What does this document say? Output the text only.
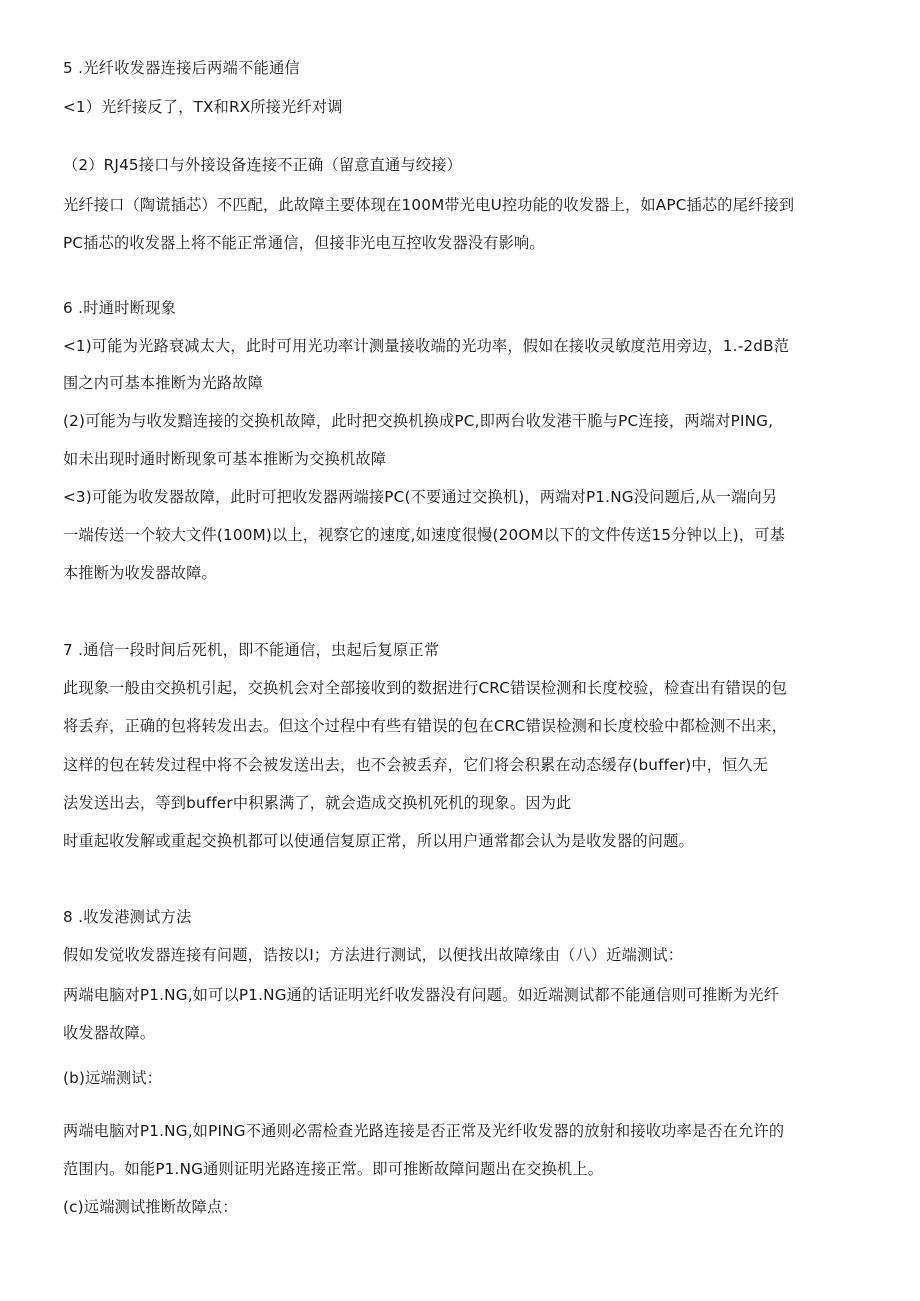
5 .光纤收发器连接后两端不能通信

<1）光纤接反了，TX和RX所接光纤对调

（2）RJ45接口与外接设备连接不正确（留意直通与绞接）

光纤接口（陶谎插芯）不匹配，此故障主要体现在100M带光电U控功能的收发器上，如APC插芯的尾纤接到

PC插芯的收发器上将不能正常通信，但接非光电互控收发器没有影响。

6 .时通时断现象

<1)可能为光路衰减太大，此时可用光功率计测量接收端的光功率，假如在接收灵敏度范用旁边，1.-2dB范

围之内可基本推断为光路故障

(2)可能为与收发黯连接的交换机故障，此时把交换机换成PC,即两台收发港干脆与PC连接，两端对PING,

如未出现时通时断现象可基本推断为交换机故障

<3)可能为收发器故障，此时可把收发器两端接PC(不要通过交换机)，两端对P1.NG没问题后,从一端向另

一端传送一个较大文件(100M)以上，视察它的速度,如速度很慢(20OM以下的文件传送15分钟以上)，可基

本推断为收发器故障。

7 .通信一段时间后死机，即不能通信，虫起后复原正常

此现象一般由交换机引起，交换机会对全部接收到的数据进行CRC错误检测和长度校验，检查出有错误的包

将丢弃，正确的包将转发出去。但这个过程中有些有错误的包在CRC错误检测和长度校验中都检测不出来，

这样的包在转发过程中将不会被发送出去，也不会被丢弃，它们将会积累在动态缓存(buffer)中，恒久无

法发送出去，等到buffer中积累满了，就会造成交换机死机的现象。因为此

时重起收发解或重起交换机都可以使通信复原正常，所以用户通常都会认为是收发器的问题。

8 .收发港测试方法

假如发觉收发器连接有问题，诰按以I；方法进行测试，以便找出故障缘由（八）近端测试：

两端电脑对P1.NG,如可以P1.NG通的话证明光纤收发器没有问题。如近端测试都不能通信则可推断为光纤

收发器故障。

(b)远端测试：

两端电脑对P1.NG,如PING不通则必需检查光路连接是否正常及光纤收发器的放射和接收功率是否在允许的

范围内。如能P1.NG通则证明光路连接正常。即可推断故障问题出在交换机上。

(c)远端测试推断故障点：
